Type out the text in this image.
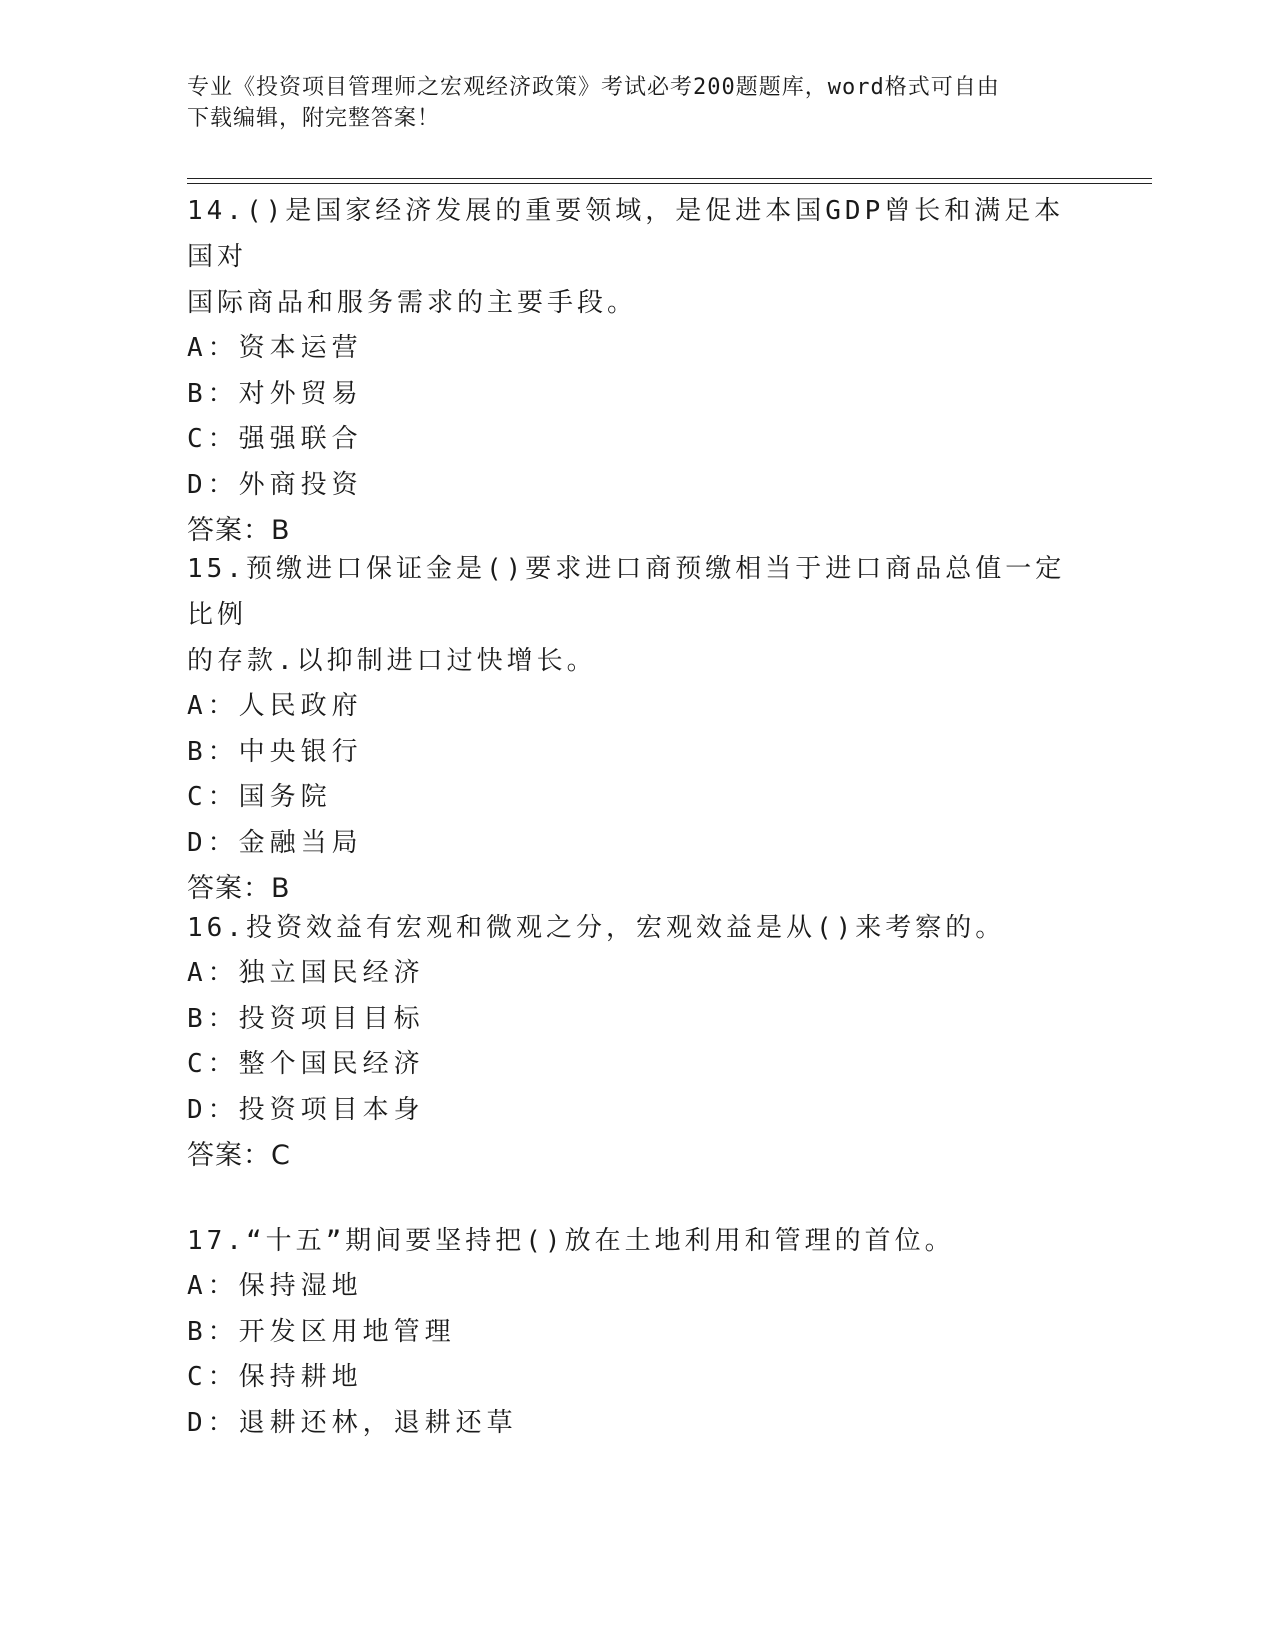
专业《投资项目管理师之宏观经济政策》考试必考200题题库，word格式可自由
下载编辑，附完整答案！
14.()是国家经济发展的重要领域，是促进本国GDP曾长和满足本国对
国际商品和服务需求的主要手段。
A：资本运营
B：对外贸易
C：强强联合
D：外商投资
答案：B
15.预缴进口保证金是()要求进口商预缴相当于进口商品总值一定比例
的存款.以抑制进口过快增长。
A：人民政府
B：中央银行
C：国务院
D：金融当局
答案：B
16.投资效益有宏观和微观之分，宏观效益是从()来考察的。
A：独立国民经济
B：投资项目目标
C：整个国民经济
D：投资项目本身
答案：C
17.“十五”期间要坚持把()放在土地利用和管理的首位。
A：保持湿地
B：开发区用地管理
C：保持耕地
D：退耕还林，退耕还草
